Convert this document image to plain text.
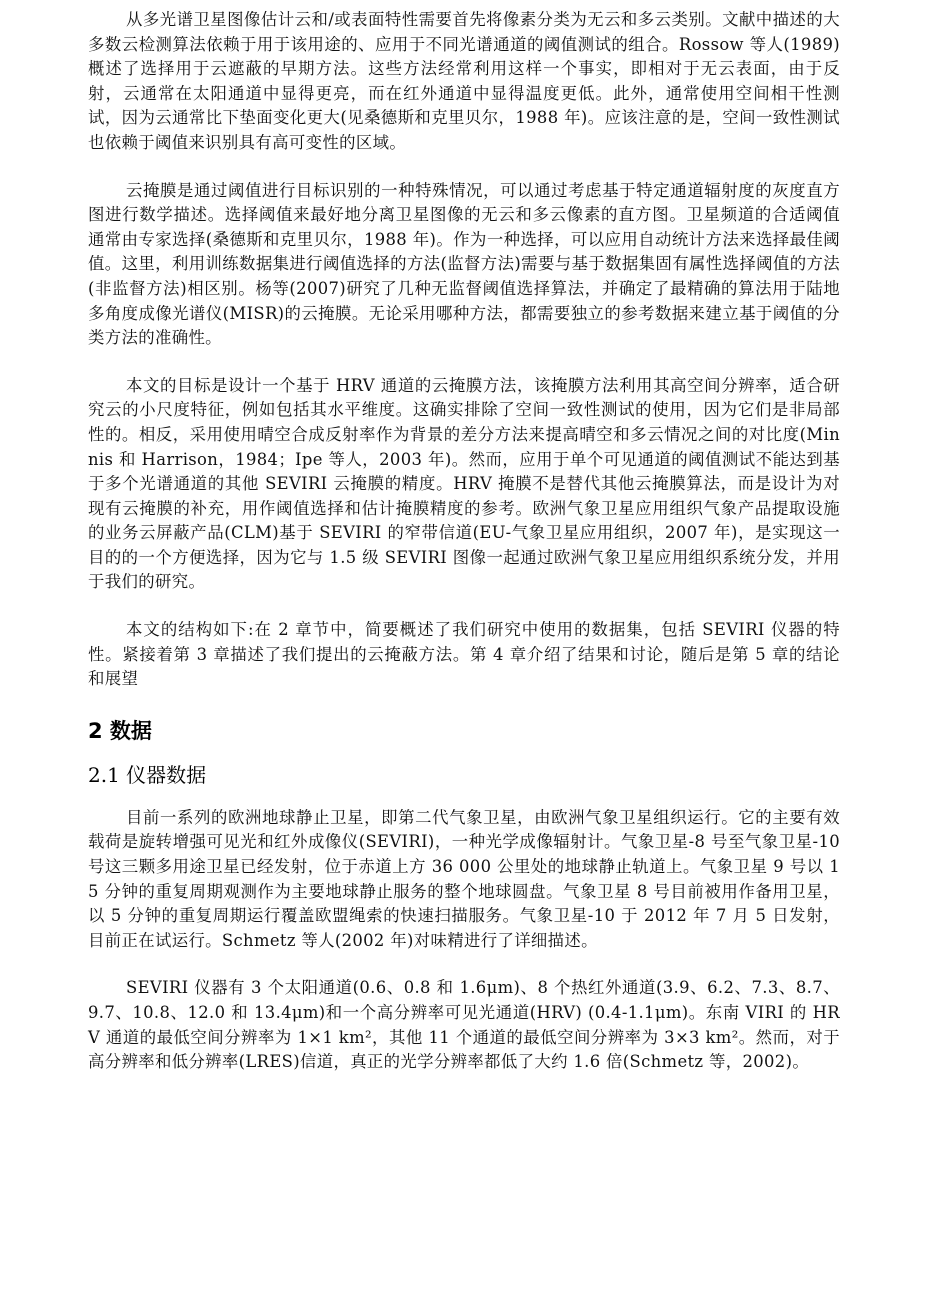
从多光谱卫星图像估计云和/或表面特性需要首先将像素分类为无云和多云类别。文献中描述的大多数云检测算法依赖于用于该用途的、应用于不同光谱通道的阈值测试的组合。Rossow 等人(1989)概述了选择用于云遮蔽的早期方法。这些方法经常利用这样一个事实，即相对于无云表面，由于反射，云通常在太阳通道中显得更亮，而在红外通道中显得温度更低。此外，通常使用空间相干性测试，因为云通常比下垫面变化更大(见桑德斯和克里贝尔，1988 年)。应该注意的是，空间一致性测试也依赖于阈值来识别具有高可变性的区域。

云掩膜是通过阈值进行目标识别的一种特殊情况，可以通过考虑基于特定通道辐射度的灰度直方图进行数学描述。选择阈值来最好地分离卫星图像的无云和多云像素的直方图。卫星频道的合适阈值通常由专家选择(桑德斯和克里贝尔，1988 年)。作为一种选择，可以应用自动统计方法来选择最佳阈值。这里，利用训练数据集进行阈值选择的方法(监督方法)需要与基于数据集固有属性选择阈值的方法(非监督方法)相区别。杨等(2007)研究了几种无监督阈值选择算法，并确定了最精确的算法用于陆地多角度成像光谱仪(MISR)的云掩膜。无论采用哪种方法，都需要独立的参考数据来建立基于阈值的分类方法的准确性。

本文的目标是设计一个基于 HRV 通道的云掩膜方法，该掩膜方法利用其高空间分辨率，适合研究云的小尺度特征，例如包括其水平维度。这确实排除了空间一致性测试的使用，因为它们是非局部性的。相反，采用使用晴空合成反射率作为背景的差分方法来提高晴空和多云情况之间的对比度(Minnis 和 Harrison，1984；Ipe 等人，2003 年)。然而，应用于单个可见通道的阈值测试不能达到基于多个光谱通道的其他 SEVIRI 云掩膜的精度。HRV 掩膜不是替代其他云掩膜算法，而是设计为对现有云掩膜的补充，用作阈值选择和估计掩膜精度的参考。欧洲气象卫星应用组织气象产品提取设施的业务云屏蔽产品(CLM)基于 SEVIRI 的窄带信道(EU-气象卫星应用组织，2007 年)，是实现这一目的的一个方便选择，因为它与 1.5 级 SEVIRI 图像一起通过欧洲气象卫星应用组织系统分发，并用于我们的研究。

本文的结构如下:在 2 章节中，简要概述了我们研究中使用的数据集，包括 SEVIRI 仪器的特性。紧接着第 3 章描述了我们提出的云掩蔽方法。第 4 章介绍了结果和讨论，随后是第 5 章的结论和展望

2 数据
2.1 仪器数据

目前一系列的欧洲地球静止卫星，即第二代气象卫星，由欧洲气象卫星组织运行。它的主要有效载荷是旋转增强可见光和红外成像仪(SEVIRI)，一种光学成像辐射计。气象卫星-8 号至气象卫星-10 号这三颗多用途卫星已经发射，位于赤道上方 36 000 公里处的地球静止轨道上。气象卫星 9 号以 15 分钟的重复周期观测作为主要地球静止服务的整个地球圆盘。气象卫星 8 号目前被用作备用卫星，以 5 分钟的重复周期运行覆盖欧盟绳索的快速扫描服务。气象卫星-10 于 2012 年 7 月 5 日发射，目前正在试运行。Schmetz 等人(2002 年)对味精进行了详细描述。

SEVIRI 仪器有 3 个太阳通道(0.6、0.8 和 1.6μm)、8 个热红外通道(3.9、6.2、7.3、8.7、9.7、10.8、12.0 和 13.4μm)和一个高分辨率可见光通道(HRV) (0.4-1.1μm)。东南 VIRI 的 HRV 通道的最低空间分辨率为 1×1 km²，其他 11 个通道的最低空间分辨率为 3×3 km²。然而，对于高分辨率和低分辨率(LRES)信道，真正的光学分辨率都低了大约 1.6 倍(Schmetz 等，2002)。
